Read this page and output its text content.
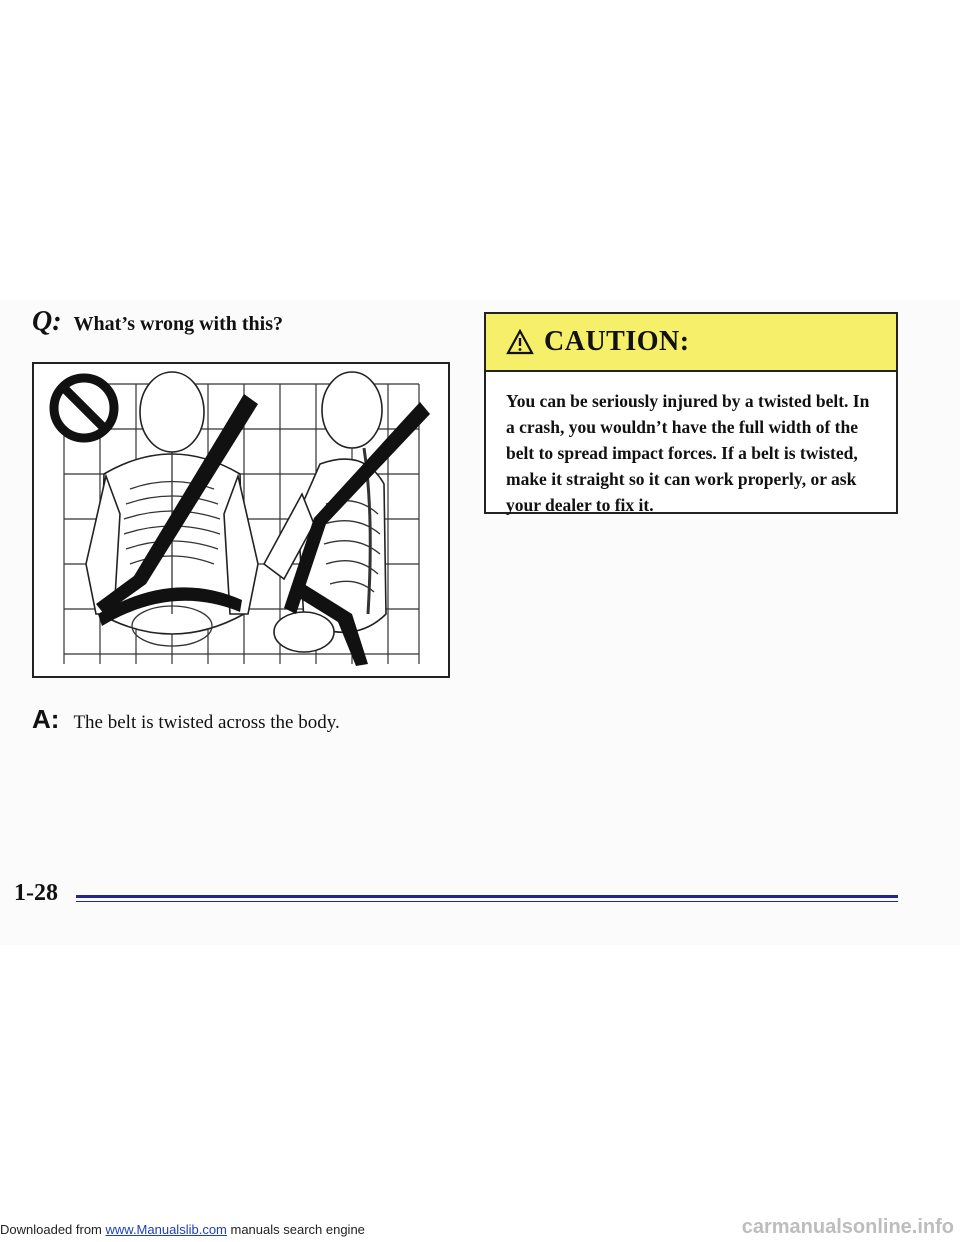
Q: What’s wrong with this?
A: The belt is twisted across the body.
CAUTION:
You can be seriously injured by a twisted belt. In a crash, you wouldn’t have the full width of the belt to spread impact forces. If a belt is twisted, make it straight so it can work properly, or ask your dealer to fix it.
1-28
Downloaded from www.Manualslib.com manuals search engine	carmanualsonline.info
